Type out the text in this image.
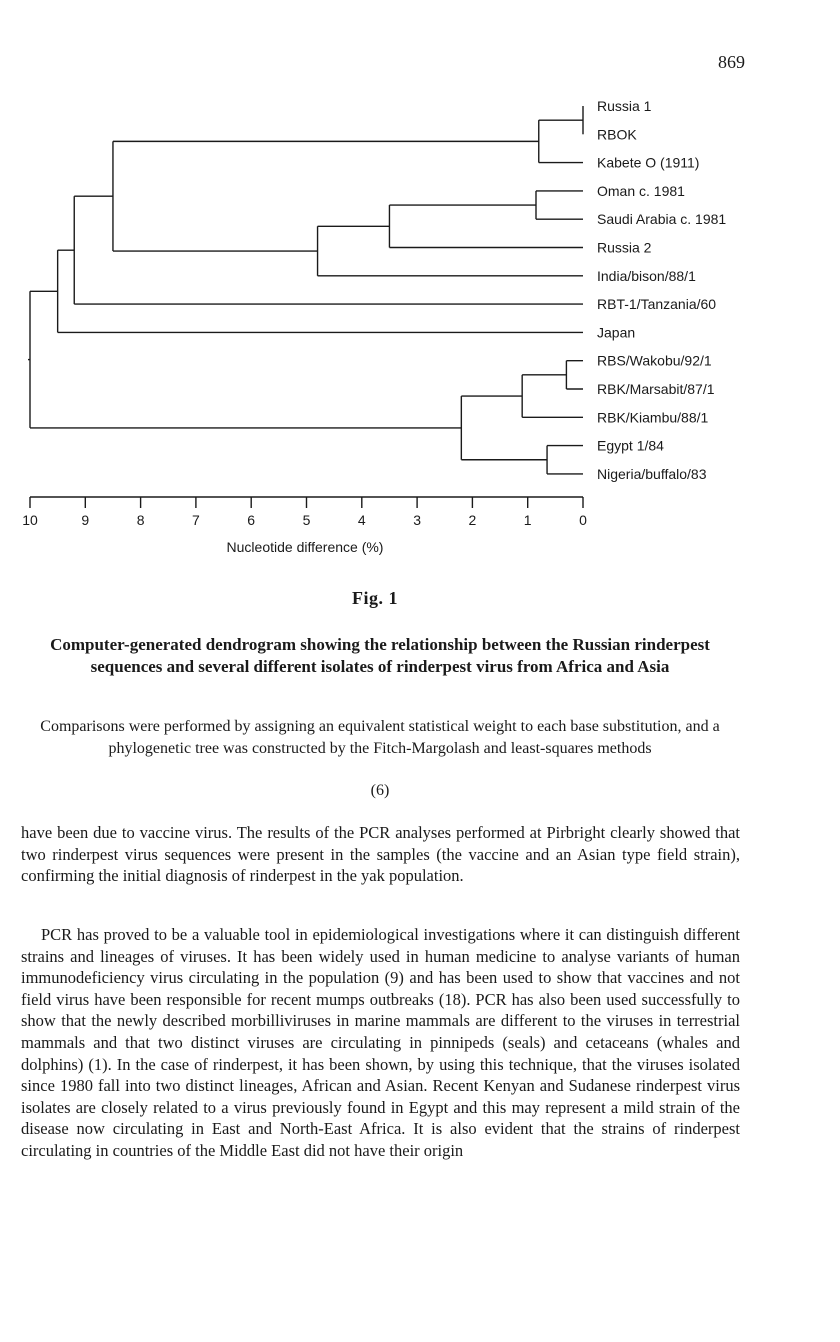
869
Russia 1
RBOK
Kabete O (1911)
Oman c. 1981
Saudi Arabia c. 1981
Russia 2
India/bison/88/1
RBT-1/Tanzania/60
Japan
RBS/Wakobu/92/1
RBK/Marsabit/87/1
RBK/Kiambu/88/1
Egypt 1/84
Nigeria/buffalo/83
10	9	8	7	6	5	4	3	2	1	0
Nucleotide difference (%)
Fig. 1
Computer-generated dendrogram showing the relationship between the Russian rinderpest sequences and several different isolates of rinderpest virus from Africa and Asia
Comparisons were performed by assigning an equivalent statistical weight to each base substitution, and a phylogenetic tree was constructed by the Fitch-Margolash and least-squares methods
(6)

have been due to vaccine virus. The results of the PCR analyses performed at Pirbright clearly showed that two rinderpest virus sequences were present in the samples (the vaccine and an Asian type field strain), confirming the initial diagnosis of rinderpest in the yak population.

PCR has proved to be a valuable tool in epidemiological investigations where it can distinguish different strains and lineages of viruses. It has been widely used in human medicine to analyse variants of human immunodeficiency virus circulating in the population (9) and has been used to show that vaccines and not field virus have been responsible for recent mumps outbreaks (18). PCR has also been used successfully to show that the newly described morbilliviruses in marine mammals are different to the viruses in terrestrial mammals and that two distinct viruses are circulating in pinnipeds (seals) and cetaceans (whales and dolphins) (1). In the case of rinderpest, it has been shown, by using this technique, that the viruses isolated since 1980 fall into two distinct lineages, African and Asian. Recent Kenyan and Sudanese rinderpest virus isolates are closely related to a virus previously found in Egypt and this may represent a mild strain of the disease now circulating in East and North-East Africa. It is also evident that the strains of rinderpest circulating in countries of the Middle East did not have their origin
